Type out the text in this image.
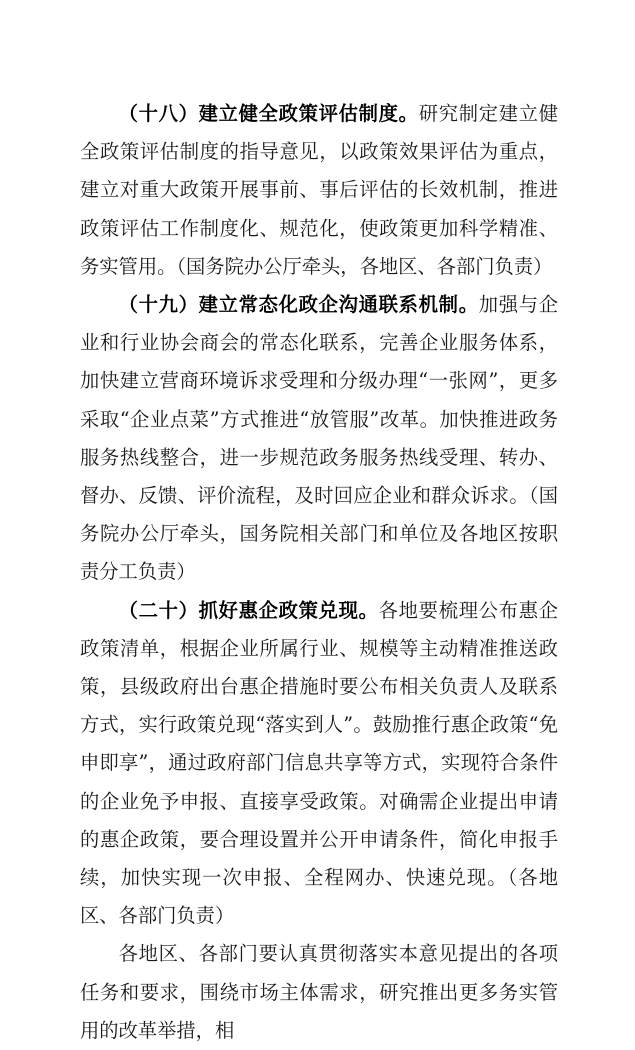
（十八）建立健全政策评估制度。研究制定建立健全政策评估制度的指导意见，以政策效果评估为重点，建立对重大政策开展事前、事后评估的长效机制，推进政策评估工作制度化、规范化，使政策更加科学精准、务实管用。（国务院办公厅牵头，各地区、各部门负责）

（十九）建立常态化政企沟通联系机制。加强与企业和行业协会商会的常态化联系，完善企业服务体系，加快建立营商环境诉求受理和分级办理“一张网”，更多采取“企业点菜”方式推进“放管服”改革。加快推进政务服务热线整合，进一步规范政务服务热线受理、转办、督办、反馈、评价流程，及时回应企业和群众诉求。（国务院办公厅牵头，国务院相关部门和单位及各地区按职责分工负责）

（二十）抓好惠企政策兑现。各地要梳理公布惠企政策清单，根据企业所属行业、规模等主动精准推送政策，县级政府出台惠企措施时要公布相关负责人及联系方式，实行政策兑现“落实到人”。鼓励推行惠企政策“免申即享”，通过政府部门信息共享等方式，实现符合条件的企业免予申报、直接享受政策。对确需企业提出申请的惠企政策，要合理设置并公开申请条件，简化申报手续，加快实现一次申报、全程网办、快速兑现。（各地区、各部门负责）

各地区、各部门要认真贯彻落实本意见提出的各项任务和要求，围绕市场主体需求，研究推出更多务实管用的改革举措，相
